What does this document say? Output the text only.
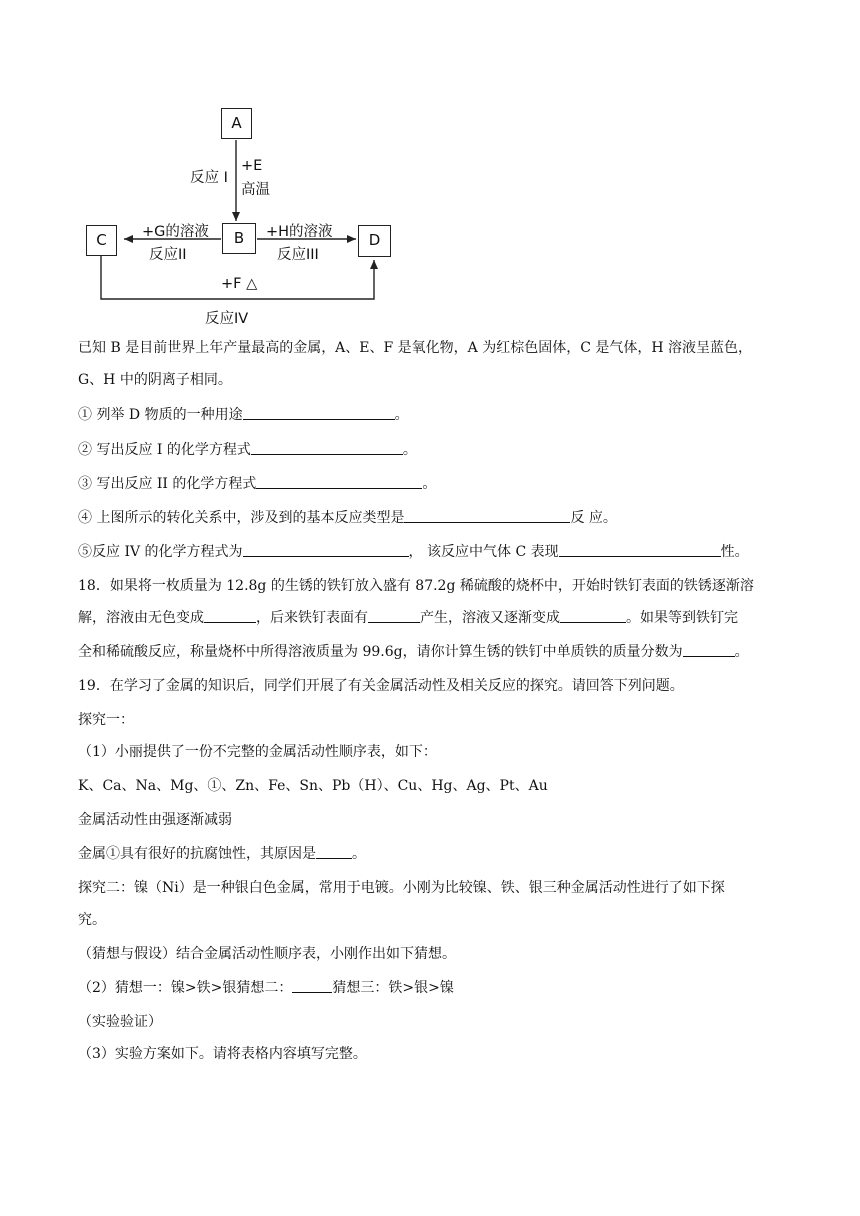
A
B
C	D
反应 I
+E
高温
+G的溶液
反应II
+H的溶液
反应III
+F △
反应IV
已知 B 是目前世界上年产量最高的金属，A、E、F 是氧化物，A 为红棕色固体，C 是气体，H 溶液呈蓝色，
G、H 中的阴离子相同。
① 列举 D 物质的一种用途	。
② 写出反应 I 的化学方程式	。
③ 写出反应 II 的化学方程式	。
④ 上图所示的转化关系中，涉及到的基本反应类型是	反 应。
⑤反应 IV 的化学方程式为	， 该反应中气体 C 表现	性。
18．如果将一枚质量为 12.8g 的生锈的铁钉放入盛有 87.2g 稀硫酸的烧杯中，开始时铁钉表面的铁锈逐渐溶
解，溶液由无色变成	，后来铁钉表面有	产生，溶液又逐渐变成	。如果等到铁钉完
全和稀硫酸反应，称量烧杯中所得溶液质量为 99.6g，请你计算生锈的铁钉中单质铁的质量分数为	。
19．在学习了金属的知识后，同学们开展了有关金属活动性及相关反应的探究。请回答下列问题。
探究一：
（1）小丽提供了一份不完整的金属活动性顺序表，如下：
K、Ca、Na、Mg、①、Zn、Fe、Sn、Pb（H）、Cu、Hg、Ag、Pt、Au
金属活动性由强逐渐减弱
金属①具有很好的抗腐蚀性，其原因是	。
探究二：镍（Ni）是一种银白色金属，常用于电镀。小刚为比较镍、铁、银三种金属活动性进行了如下探
究。
（猜想与假设）结合金属活动性顺序表，小刚作出如下猜想。
（2）猜想一：镍>铁>银猜想二：	猜想三：铁>银>镍
（实验验证）
（3）实验方案如下。请将表格内容填写完整。
